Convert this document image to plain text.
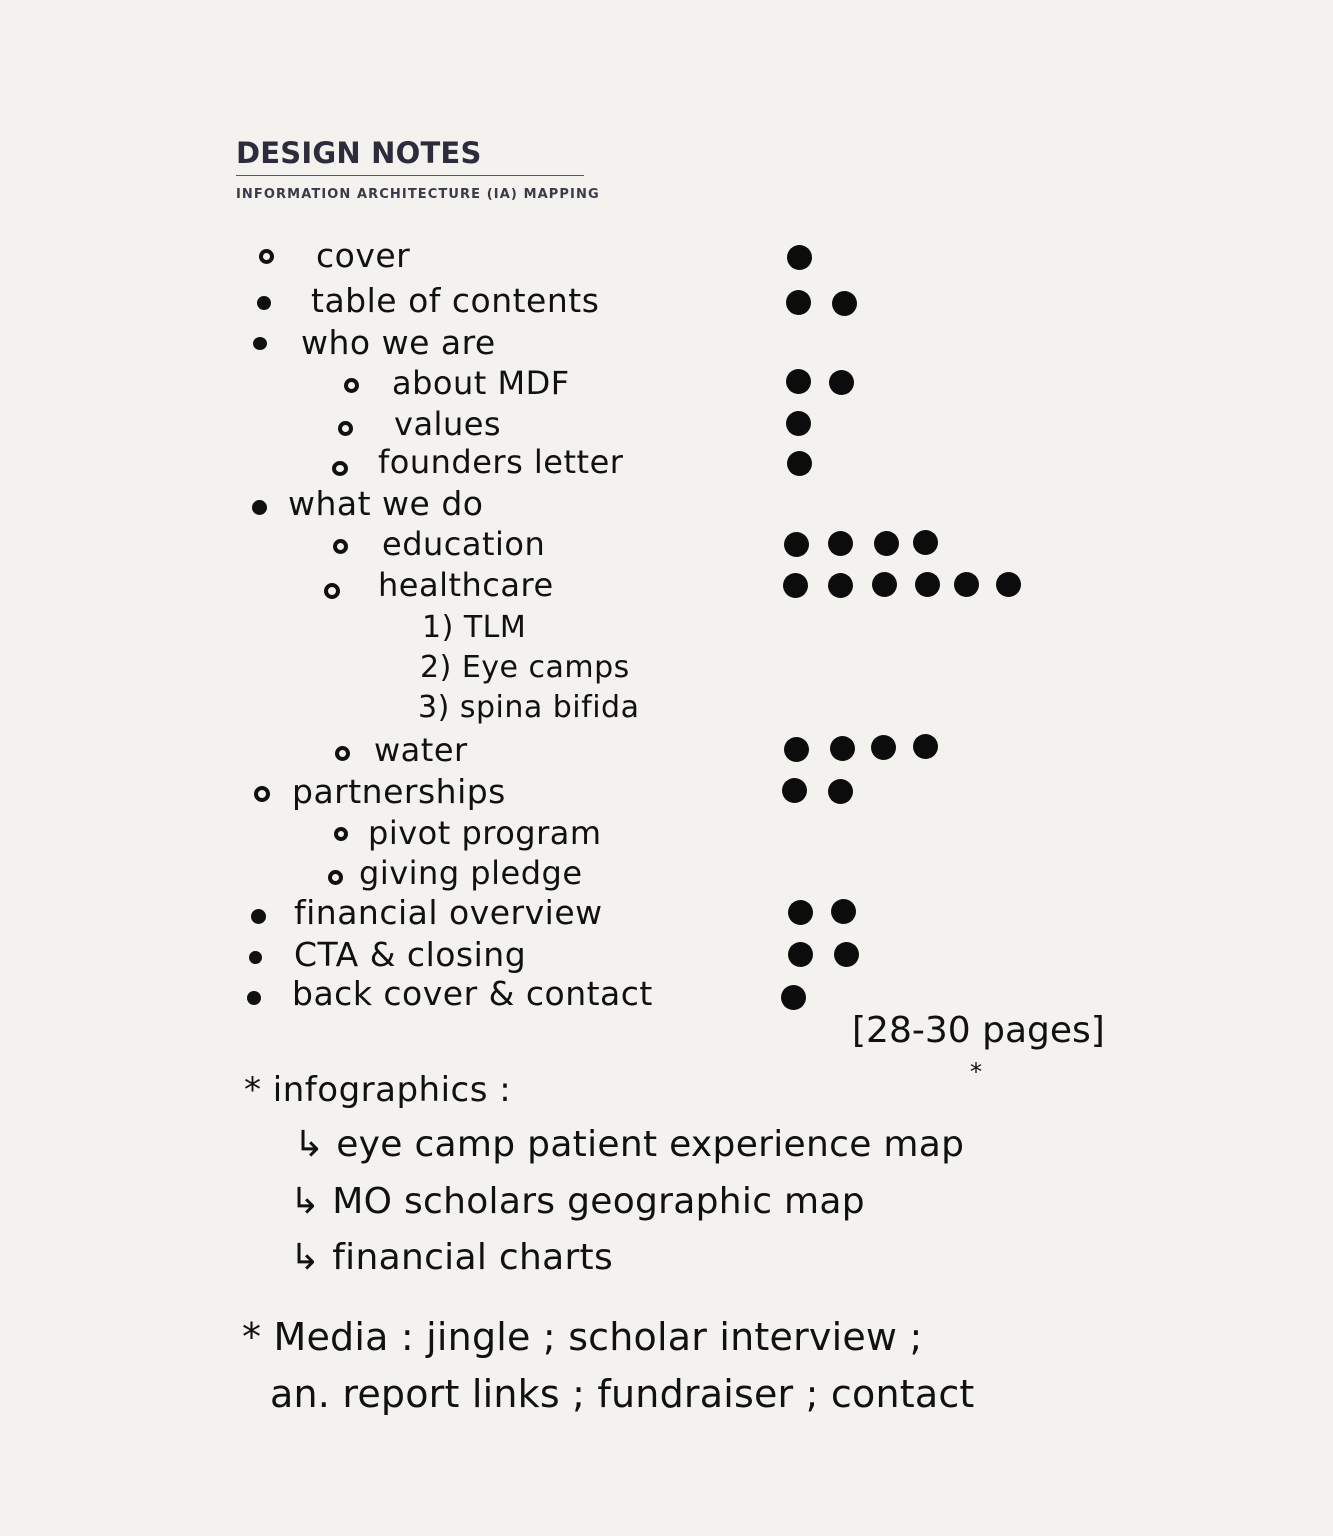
DESIGN NOTES
INFORMATION ARCHITECTURE (IA) MAPPING
cover
table of contents
who we are
about MDF
values
founders letter
what we do
education
healthcare
1) TLM
2) Eye camps
3) spina bifida
water
partnerships
pivot program
giving pledge
financial overview
CTA & closing
back cover & contact
[28-30 pages]
*
* infographics :
↳ eye camp patient experience map
↳ MO scholars geographic map
↳ financial charts
* Media : jingle ; scholar interview ;
an. report links ; fundraiser ; contact
